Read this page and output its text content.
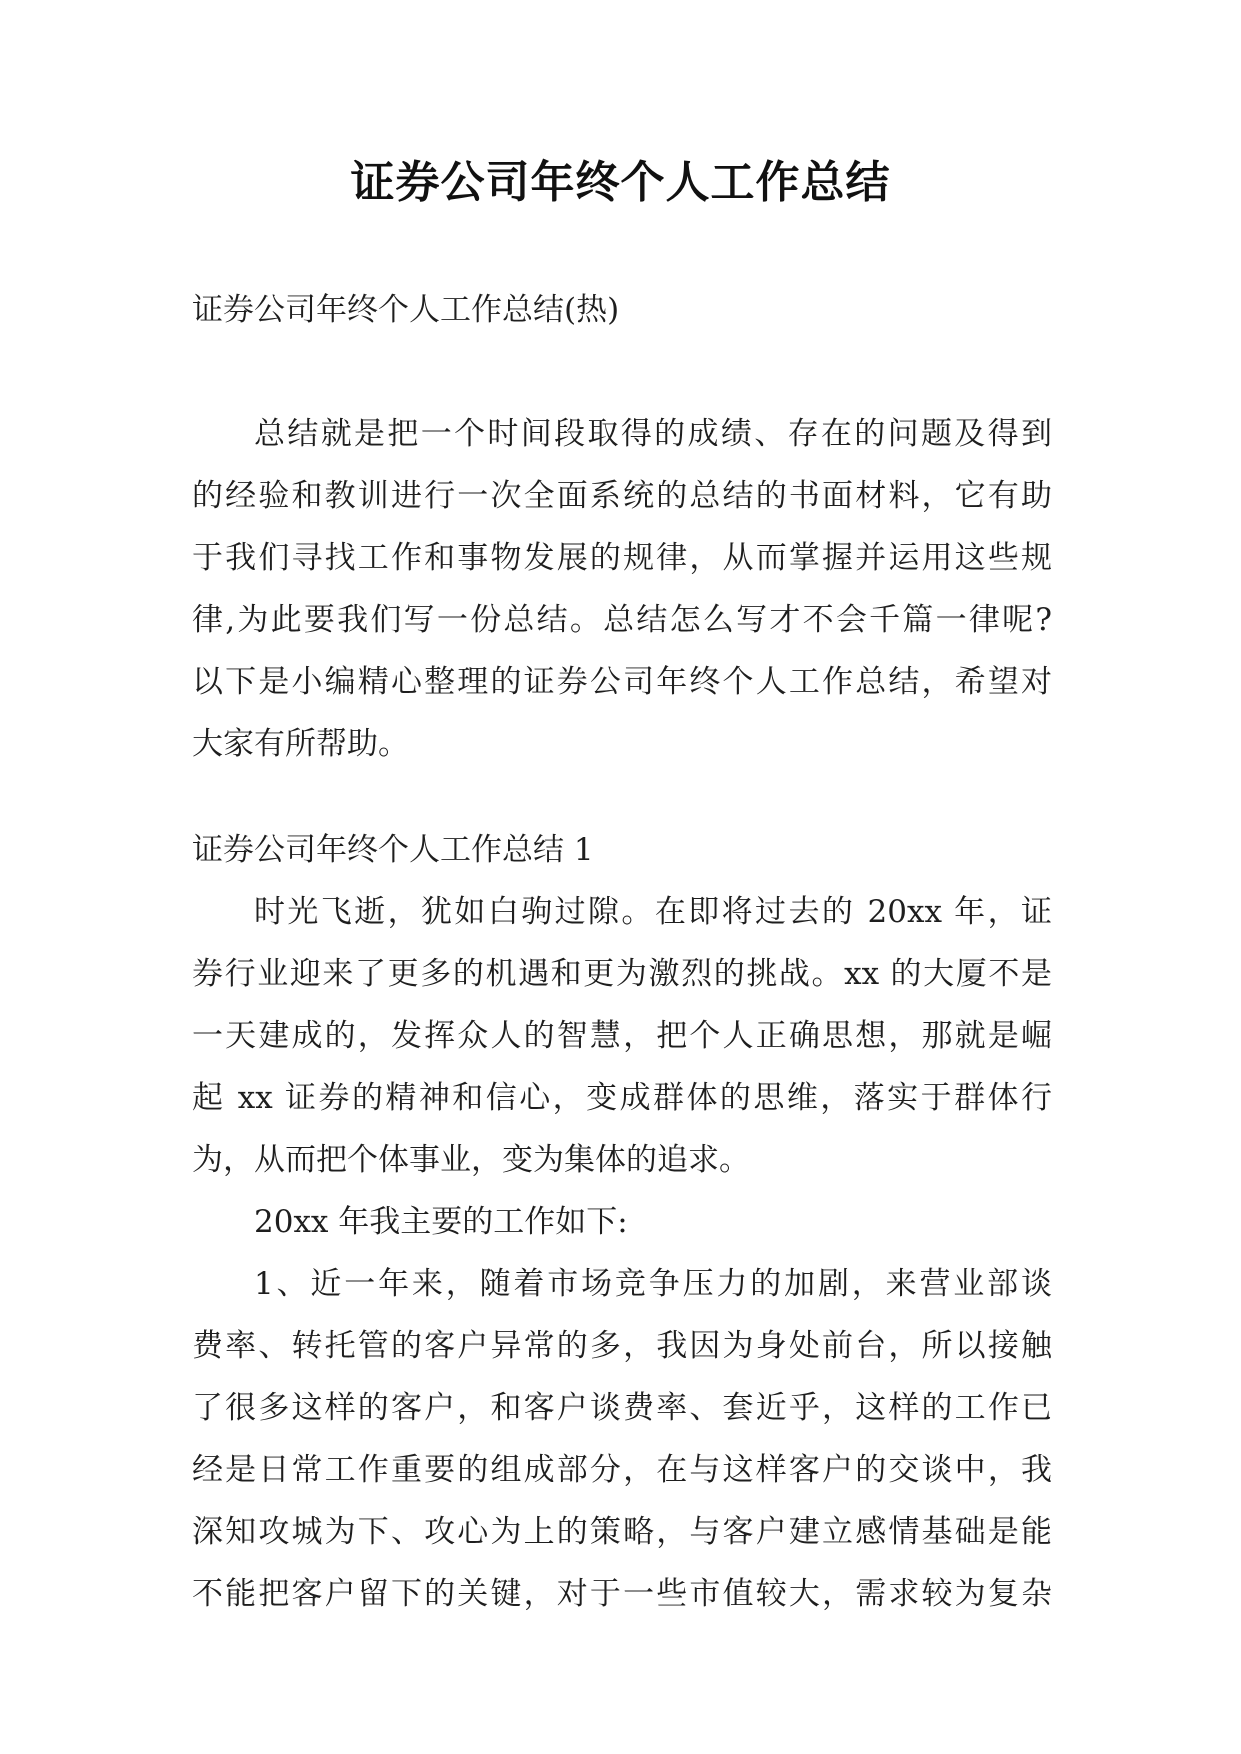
证券公司年终个人工作总结
证券公司年终个人工作总结(热)
总结就是把一个时间段取得的成绩、存在的问题及得到
的经验和教训进行一次全面系统的总结的书面材料，它有助
于我们寻找工作和事物发展的规律，从而掌握并运用这些规
律,为此要我们写一份总结。总结怎么写才不会千篇一律呢?
以下是小编精心整理的证券公司年终个人工作总结，希望对
大家有所帮助。
证券公司年终个人工作总结 1
时光飞逝，犹如白驹过隙。在即将过去的 20xx 年，证
券行业迎来了更多的机遇和更为激烈的挑战。xx 的大厦不是
一天建成的，发挥众人的智慧，把个人正确思想，那就是崛
起 xx 证券的精神和信心，变成群体的思维，落实于群体行
为，从而把个体事业，变为集体的追求。
20xx 年我主要的工作如下:
1、近一年来，随着市场竞争压力的加剧，来营业部谈
费率、转托管的客户异常的多，我因为身处前台，所以接触
了很多这样的客户，和客户谈费率、套近乎，这样的工作已
经是日常工作重要的组成部分，在与这样客户的交谈中，我
深知攻城为下、攻心为上的策略，与客户建立感情基础是能
不能把客户留下的关键，对于一些市值较大，需求较为复杂
